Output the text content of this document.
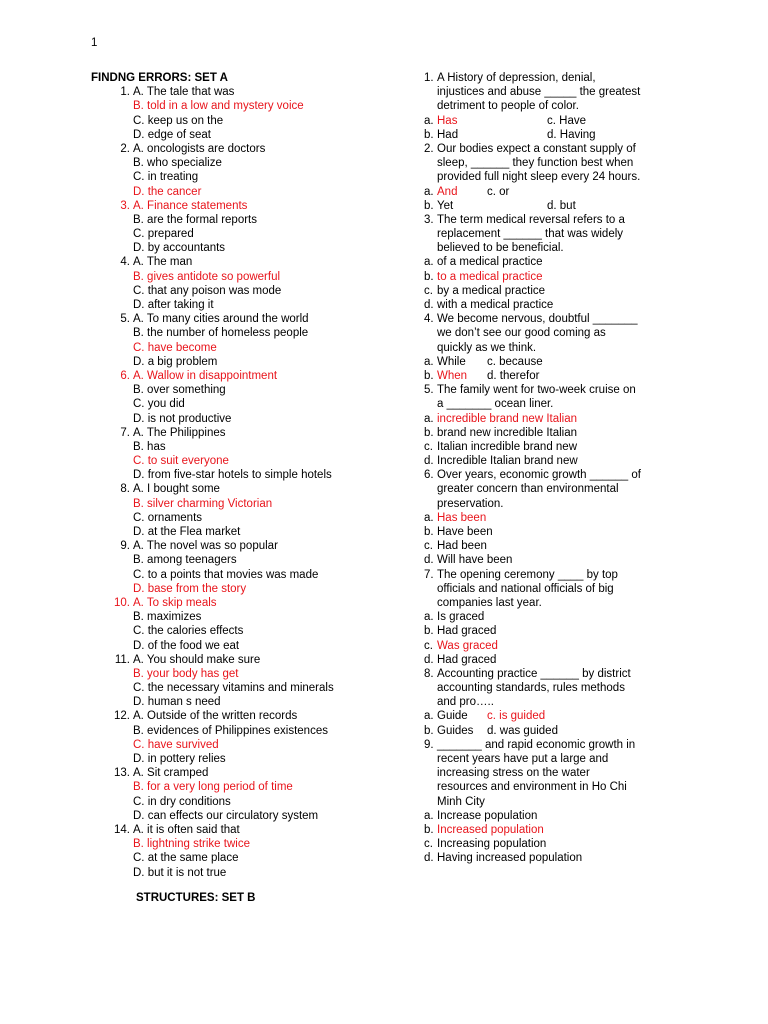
1
FINDNG ERRORS: SET A
1. A. The tale that was
B. told in a low and mystery voice
C. keep us on the
D. edge of seat
2. A. oncologists are doctors
B. who specialize
C. in treating
D. the cancer
3. A. Finance statements
B. are the formal reports
C. prepared
D. by accountants
4. A. The man
B. gives antidote so powerful
C. that any poison was mode
D. after taking it
5. A. To many cities around the world
B. the number of homeless people
C. have become
D. a big problem
6. A. Wallow in disappointment
B. over something
C. you did
D. is not productive
7. A. The Philippines
B. has
C. to suit everyone
D. from five-star hotels to simple hotels
8. A. I bought some
B. silver charming Victorian
C. ornaments
D. at the Flea market
9. A. The novel was so popular
B. among teenagers
C. to a points that movies was made
D. base from the story
10. A. To skip meals
B. maximizes
C. the calories effects
D. of the food we eat
11. A. You should make sure
B. your body has get
C. the necessary vitamins and minerals
D. human s need
12. A. Outside of the written records
B. evidences of Philippines existences
C. have survived
D. in pottery relies
13. A. Sit cramped
B. for a very long period of time
C. in dry conditions
D. can effects our circulatory system
14. A. it is often said that
B. lightning strike twice
C. at the same place
D. but it is not true
STRUCTURES: SET B
1. A History of depression, denial,
injustices and abuse _____ the greatest
detriment to people of color.
a. Has	c. Have
b. Had	d. Having
2. Our bodies expect a constant supply of
sleep, ______ they function best when
provided full night sleep every 24 hours.
a. And	c. or
b. Yet	d. but
3. The term medical reversal refers to a
replacement ______ that was widely
believed to be beneficial.
a. of a medical practice
b. to a medical practice
c. by a medical practice
d. with a medical practice
4. We become nervous, doubtful _______
we don’t see our good coming as
quickly as we think.
a. While c. because
b. When d. therefor
5. The family went for two-week cruise on
a _______ ocean liner.
a. incredible brand new Italian
b. brand new incredible Italian
c. Italian incredible brand new
d. Incredible Italian brand new
6. Over years, economic growth ______ of
greater concern than environmental
preservation.
a. Has been
b. Have been
c. Had been
d. Will have been
7. The opening ceremony ____ by top
officials and national officials of big
companies last year.
a. Is graced
b. Had graced
c. Was graced
d. Had graced
8. Accounting practice ______ by district
accounting standards, rules methods
and pro…..
a. Guide c. is guided
b. Guides d. was guided
9. _______ and rapid economic growth in
recent years have put a large and
increasing stress on the water
resources and environment in Ho Chi
Minh City
a. Increase population
b. Increased population
c. Increasing population
d. Having increased population
